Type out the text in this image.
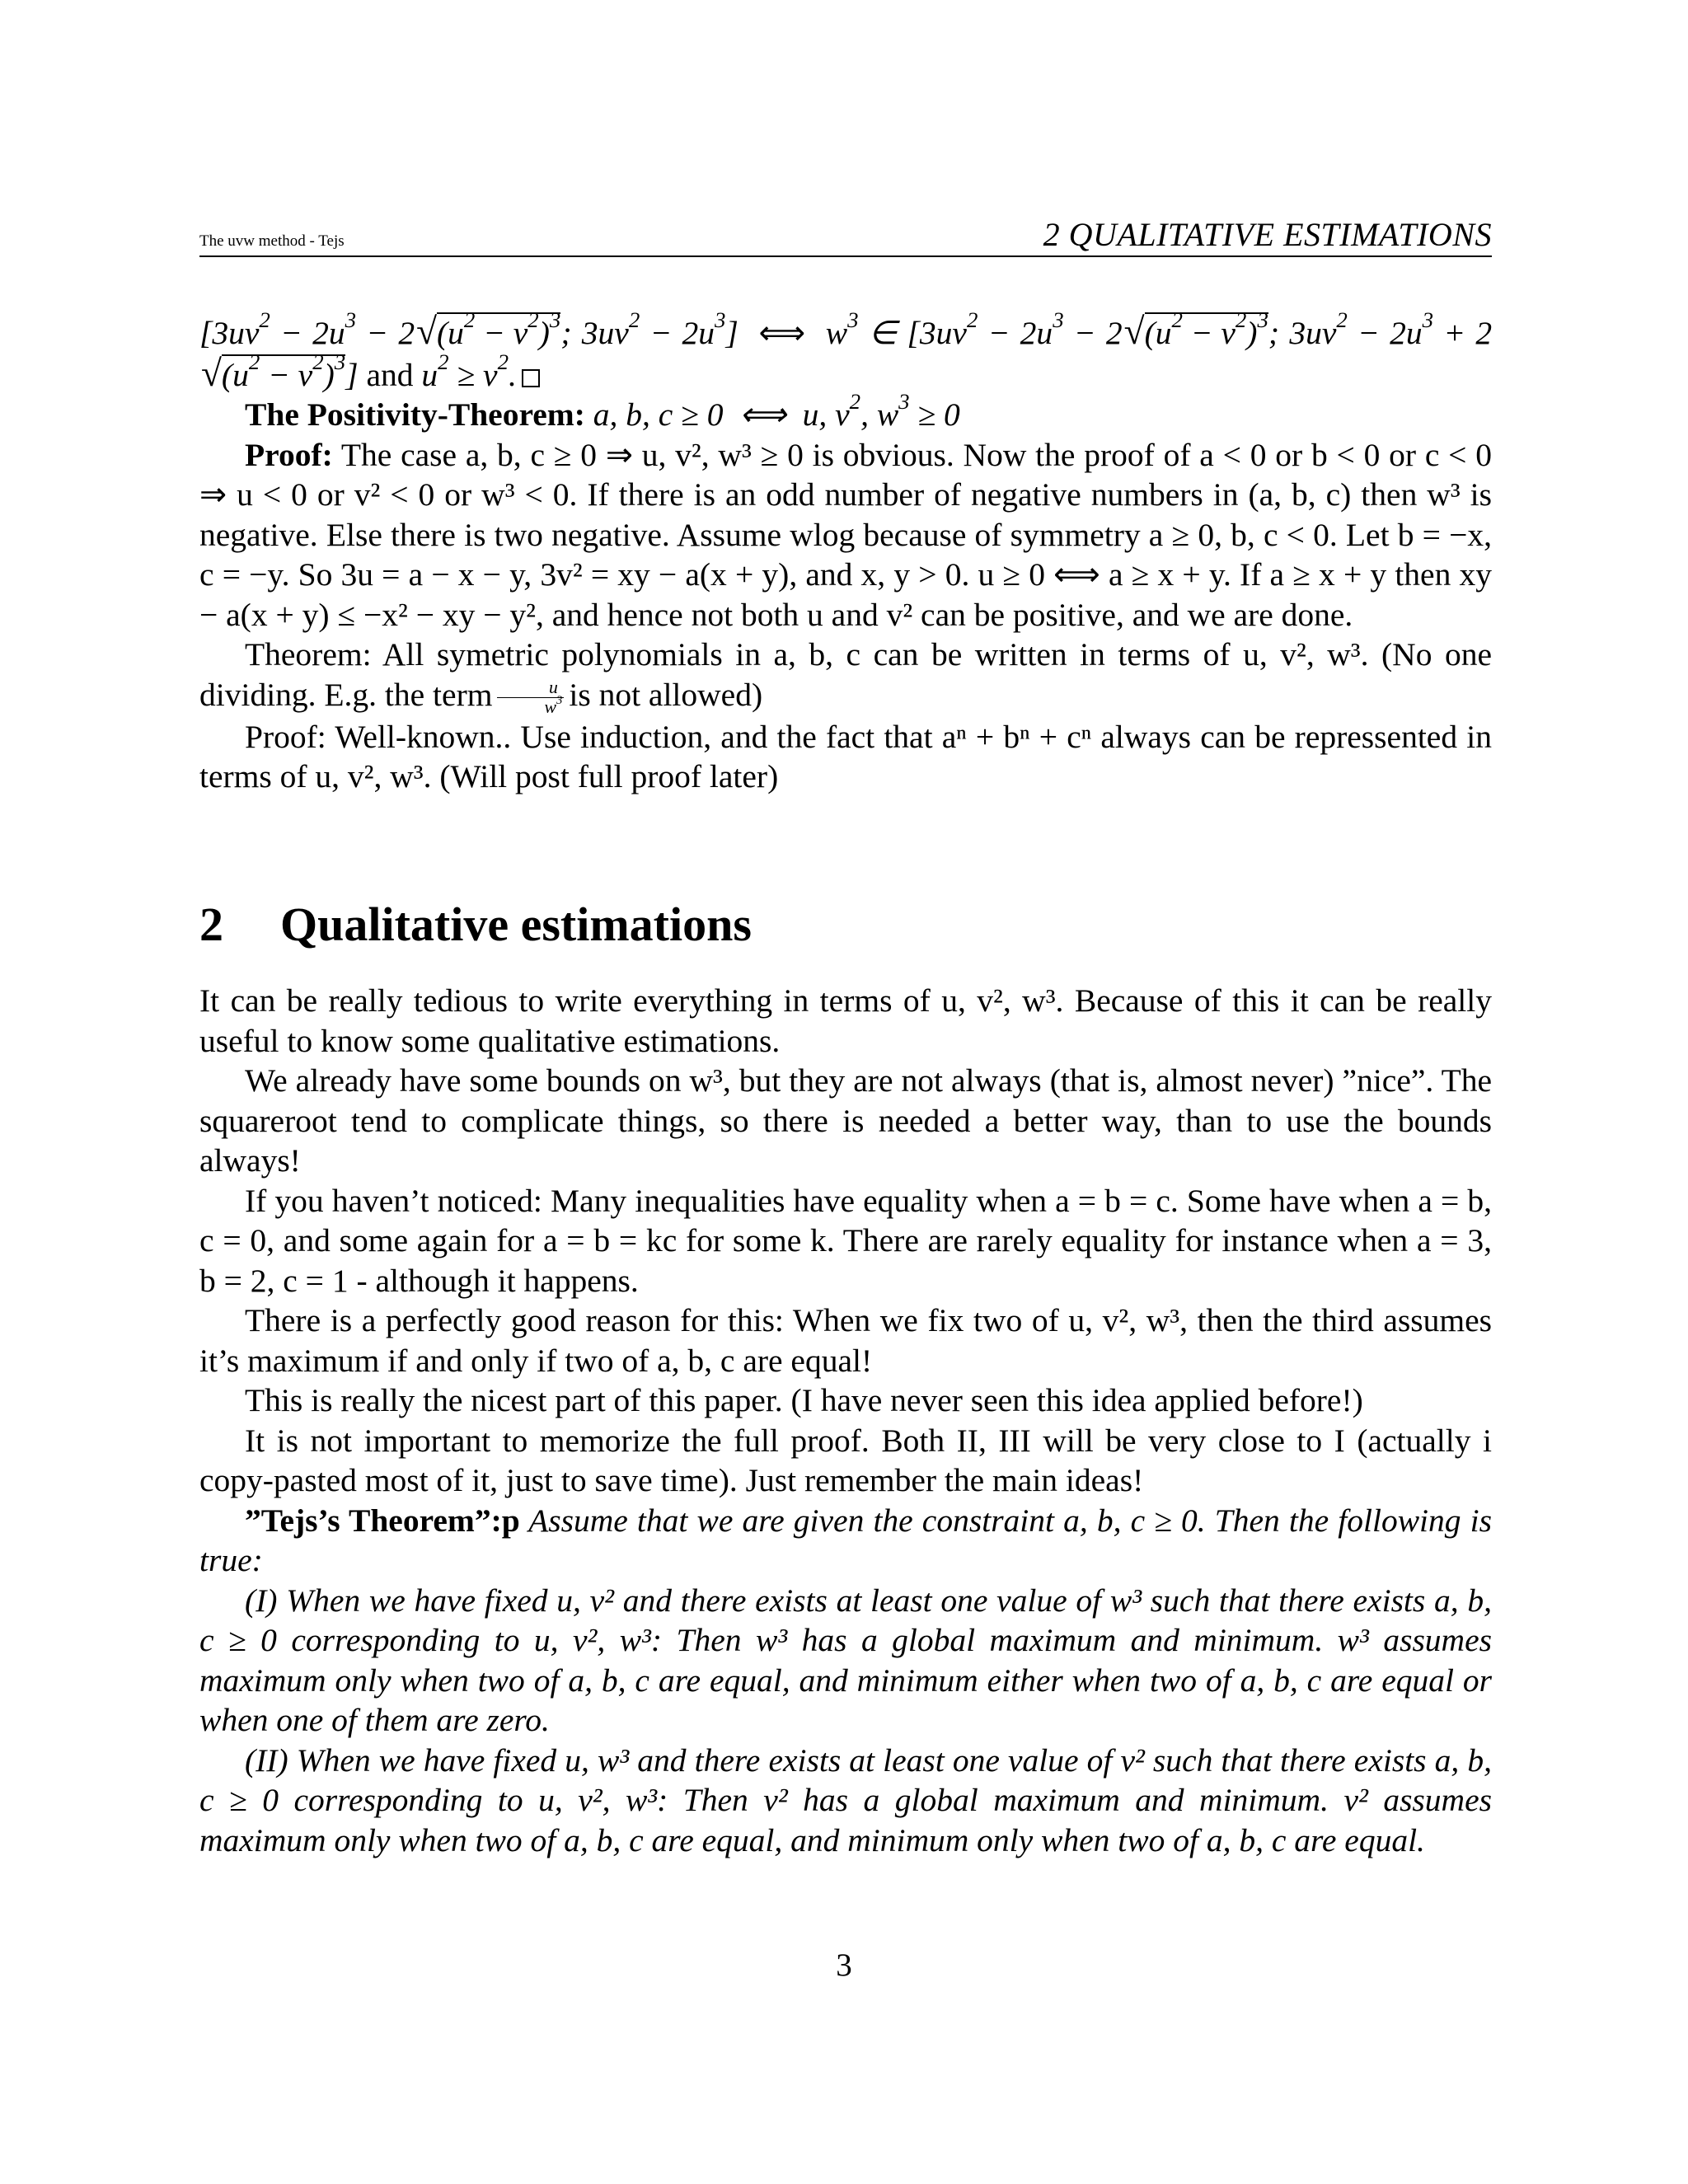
The uvw method - Tejs	2 QUALITATIVE ESTIMATIONS

[$3uv^2 - 2u^3 - 2√(u^2 - v^2)^3$; $3uv^2 - 2u^3$]  ⟺  $w^3$ ∈ [$3uv^2 - 2u^3 - 2√(u^2 - v^2)^3$; $3uv^2 - 2u^3 + 2√(u^2 - v^2)^3$] and $u^2 \ge v^2$.

The Positivity-Theorem: a, b, c ≥ 0  ⟺  u, $v^2$, $w^3 \ge 0$

Proof: The case a, b, c ≥ 0 ⇒ u, v², w³ ≥ 0 is obvious. Now the proof of a < 0 or b < 0 or c < 0 ⇒ u < 0 or v² < 0 or w³ < 0. If there is an odd number of negative numbers in (a, b, c) then w³ is negative. Else there is two negative. Assume wlog because of symmetry a ≥ 0, b, c < 0. Let b = −x, c = −y. So 3u = a − x − y, 3v² = xy − a(x + y), and x, y > 0. u ≥ 0 ⟺ a ≥ x + y. If a ≥ x + y then xy − a(x + y) ≤ −x² − xy − y², and hence not both u and v² can be positive, and we are done.

Theorem: All symetric polynomials in a, b, c can be written in terms of u, v², w³. (No one dividing. E.g. the term $\frac{u}{w^3}$ is not allowed)

Proof: Well-known.. Use induction, and the fact that aⁿ + bⁿ + cⁿ always can be repressented in terms of u, v², w³. (Will post full proof later)

2 Qualitative estimations

It can be really tedious to write everything in terms of u, v², w³. Because of this it can be really useful to know some qualitative estimations.

We already have some bounds on w³, but they are not always (that is, almost never) ”nice”. The squareroot tend to complicate things, so there is needed a better way, than to use the bounds always!

If you haven’t noticed: Many inequalities have equality when a = b = c. Some have when a = b, c = 0, and some again for a = b = kc for some k. There are rarely equality for instance when a = 3, b = 2, c = 1 - although it happens.

There is a perfectly good reason for this: When we fix two of u, v², w³, then the third assumes it’s maximum if and only if two of a, b, c are equal!

This is really the nicest part of this paper. (I have never seen this idea applied before!)

It is not important to memorize the full proof. Both II, III will be very close to I (actually i copy-pasted most of it, just to save time). Just remember the main ideas!

”Tejs’s Theorem”:p Assume that we are given the constraint a, b, c ≥ 0. Then the following is true:

(I) When we have fixed u, v² and there exists at least one value of w³ such that there exists a, b, c ≥ 0 corresponding to u, v², w³: Then w³ has a global maximum and minimum. w³ assumes maximum only when two of a, b, c are equal, and minimum either when two of a, b, c are equal or when one of them are zero.

(II) When we have fixed u, w³ and there exists at least one value of v² such that there exists a, b, c ≥ 0 corresponding to u, v², w³: Then v² has a global maximum and minimum. v² assumes maximum only when two of a, b, c are equal, and minimum only when two of a, b, c are equal.

3
